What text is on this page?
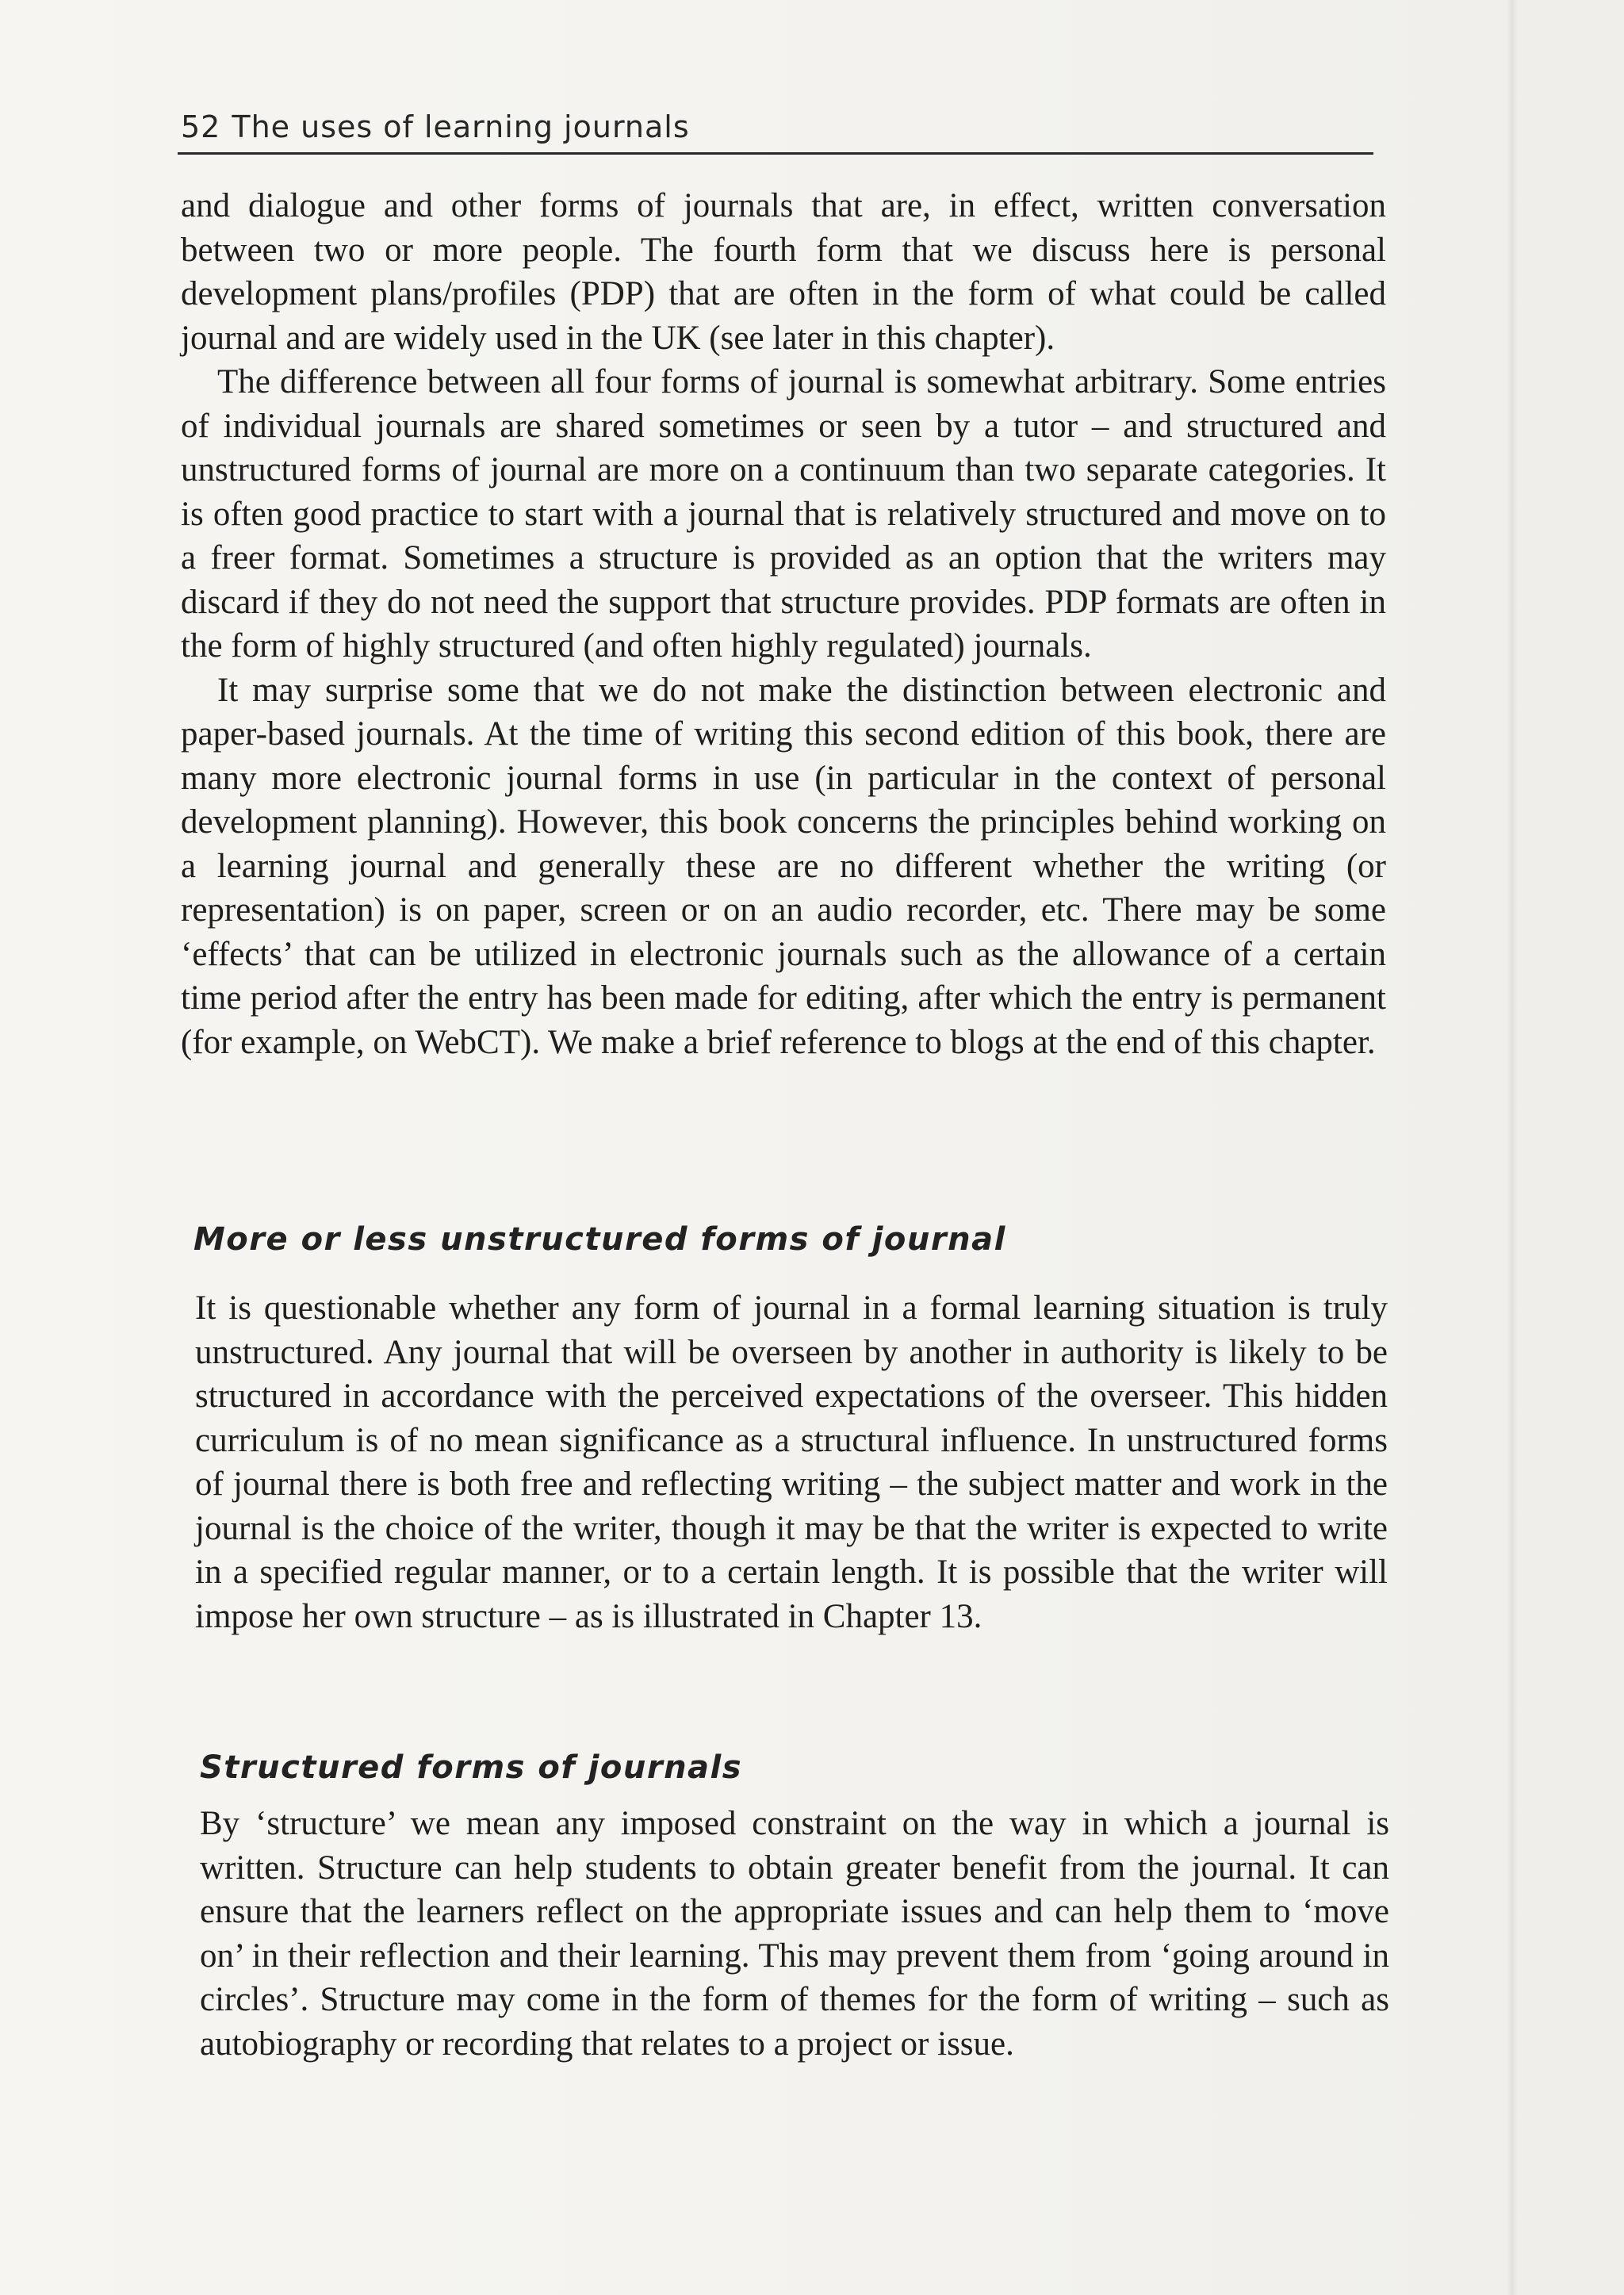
52 The uses of learning journals

and dialogue and other forms of journals that are, in effect, written conversation between two or more people. The fourth form that we discuss here is personal development plans/profiles (PDP) that are often in the form of what could be called journal and are widely used in the UK (see later in this chapter).

The difference between all four forms of journal is somewhat arbitrary. Some entries of individual journals are shared sometimes or seen by a tutor – and structured and unstructured forms of journal are more on a continuum than two separate categories. It is often good practice to start with a journal that is relatively structured and move on to a freer format. Sometimes a structure is provided as an option that the writers may discard if they do not need the support that structure provides. PDP formats are often in the form of highly structured (and often highly regulated) journals.

It may surprise some that we do not make the distinction between electronic and paper-based journals. At the time of writing this second edition of this book, there are many more electronic journal forms in use (in particular in the context of personal development planning). However, this book concerns the principles behind working on a learning journal and generally these are no different whether the writing (or representation) is on paper, screen or on an audio recorder, etc. There may be some ‘effects’ that can be utilized in electronic journals such as the allowance of a certain time period after the entry has been made for editing, after which the entry is permanent (for example, on WebCT). We make a brief reference to blogs at the end of this chapter.

More or less unstructured forms of journal

It is questionable whether any form of journal in a formal learning situation is truly unstructured. Any journal that will be overseen by another in authority is likely to be structured in accordance with the perceived expectations of the overseer. This hidden curriculum is of no mean significance as a structural influence. In unstructured forms of journal there is both free and reflecting writing – the subject matter and work in the journal is the choice of the writer, though it may be that the writer is expected to write in a specified regular manner, or to a certain length. It is possible that the writer will impose her own structure – as is illustrated in Chapter 13.

Structured forms of journals

By ‘structure’ we mean any imposed constraint on the way in which a journal is written. Structure can help students to obtain greater benefit from the journal. It can ensure that the learners reflect on the appropriate issues and can help them to ‘move on’ in their reflection and their learning. This may prevent them from ‘going around in circles’. Structure may come in the form of themes for the form of writing – such as autobiography or recording that relates to a project or issue.
